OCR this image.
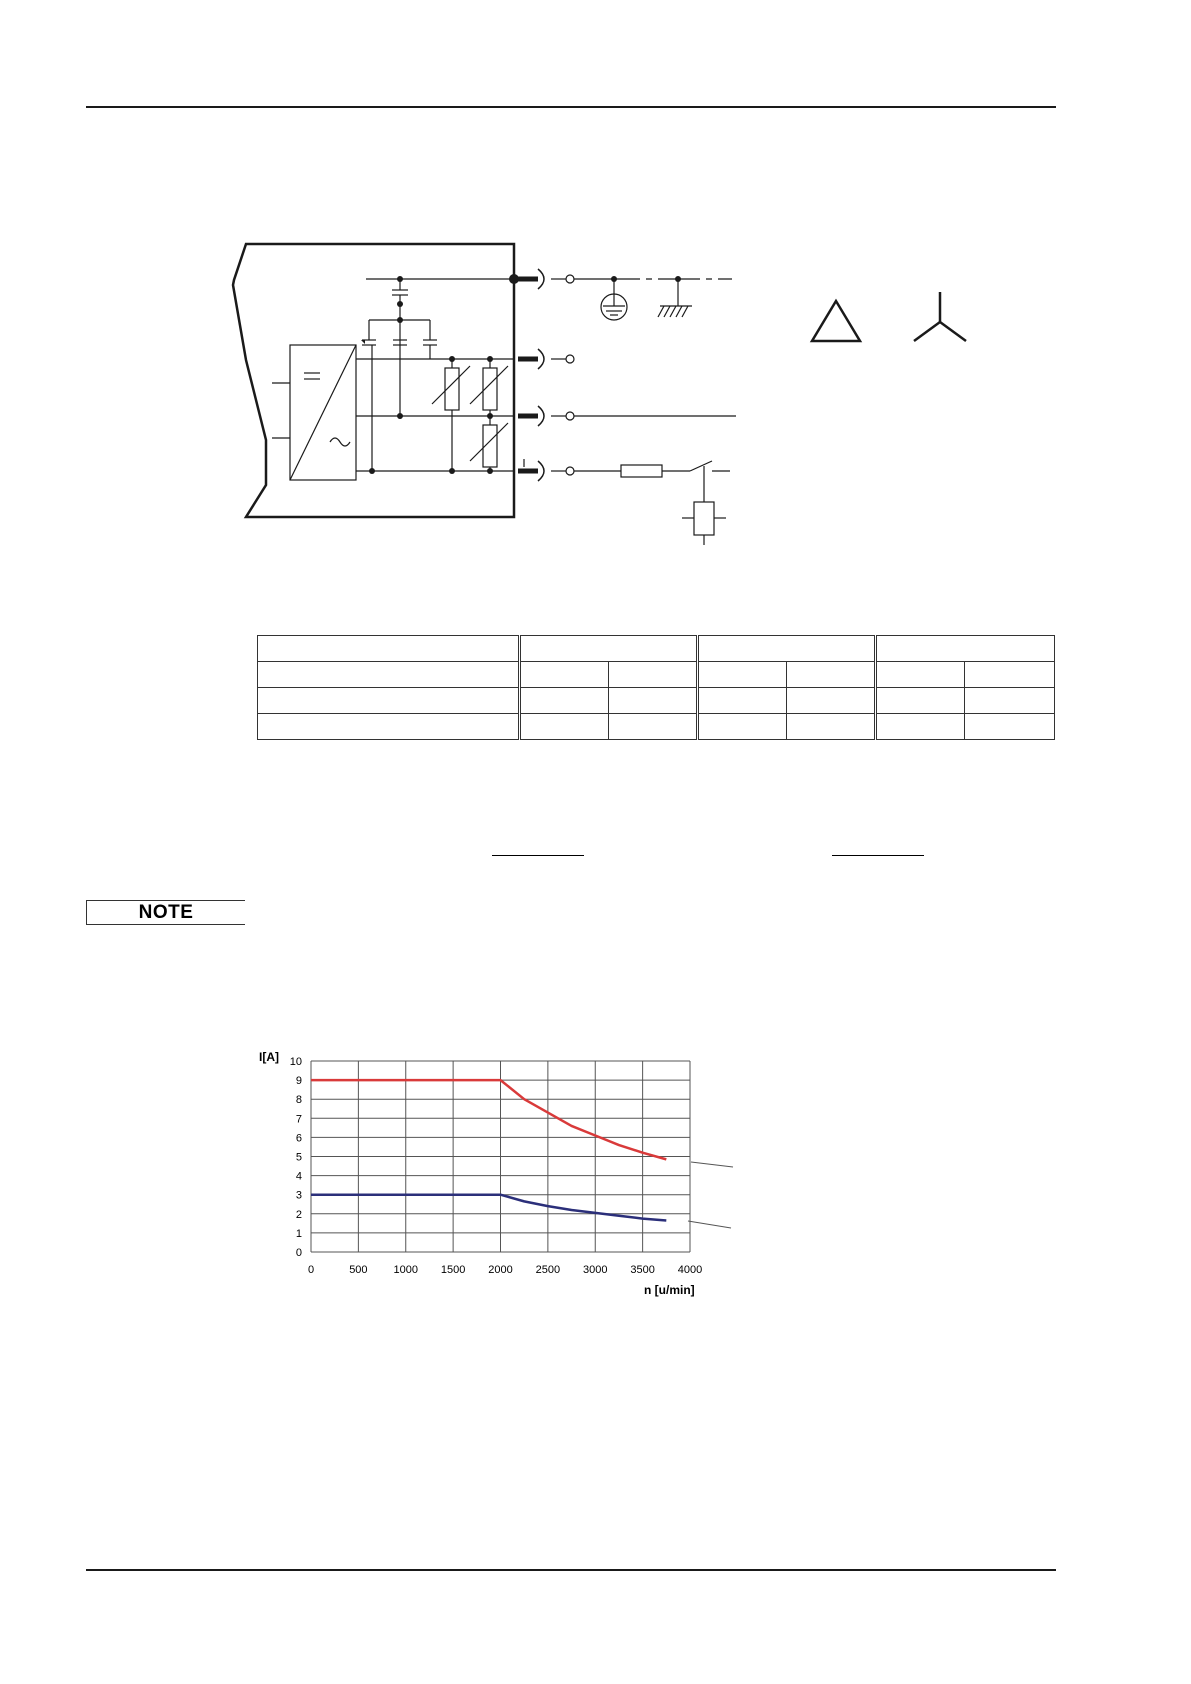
NOTE
0
1
2
3
4
5
6
7
8
9
10
0	500 1000 1500 2000 2500 3000 3500 4000
I[A]
n [u/min]
